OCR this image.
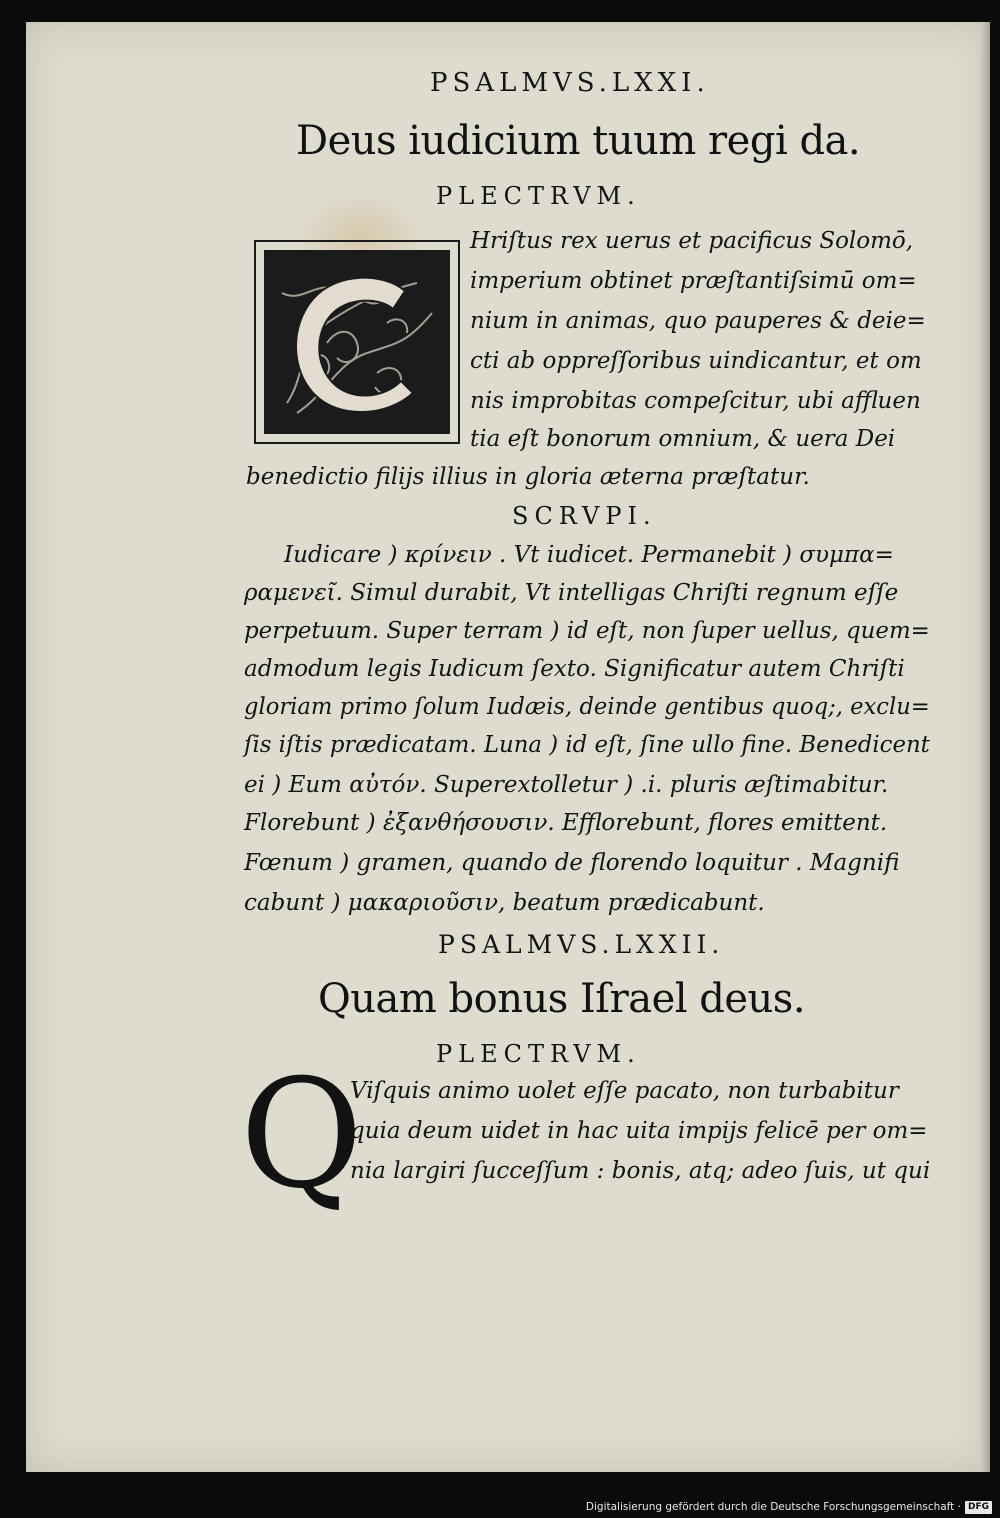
PSALMVS.LXXI.
Deus iudicium tuum regi da.
PLECTRVM.
Hriſtus rex uerus et pacificus Solomō,
imperium obtinet præſtantiſsimū om=
nium in animas, quo pauperes & deie=
cti ab oppreſſoribus uindicantur, et om
nis improbitas compeſcitur, ubi affluen
tia eſt bonorum omnium, & uera Dei
benedictio filijs illius in gloria æterna præſtatur.
SCRVPI.
Iudicare ) κρίνειν . Vt iudicet. Permanebit ) συμπα=
ραμενεῖ. Simul durabit, Vt intelligas Chriſti regnum eſſe
perpetuum. Super terram ) id eſt, non ſuper uellus, quem=
admodum legis Iudicum ſexto. Significatur autem Chriſti
gloriam primo ſolum Iudæis, deinde gentibus quoq;, exclu=
ſis iſtis prædicatam. Luna ) id eſt, ſine ullo fine. Benedicent
ei ) Eum αὐτόν. Superextolletur ) .i. pluris æſtimabitur.
Florebunt ) ἐξανθήσουσιν. Efflorebunt, flores emittent.
Fœnum ) gramen, quando de florendo loquitur . Magnifi
cabunt ) μακαριοῦσιν, beatum prædicabunt.
PSALMVS.LXXII.
Quam bonus Iſrael deus.
PLECTRVM.
Q
Viſquis animo uolet eſſe pacato, non turbabitur
quia deum uidet in hac uita impijs felicē per om=
nia largiri ſucceſſum : bonis, atq; adeo ſuis, ut qui
Digitalisierung gefördert durch die Deutsche Forschungsgemeinschaft · DFG
